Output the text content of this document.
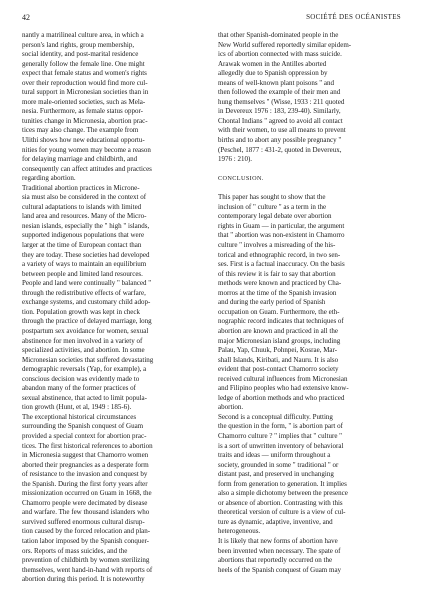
42	SOCIÉTÉ DES OCÉANISTES
nantly a matrilineal culture area, in which a
person's land rights, group membership,
social identity, and post-marital residence
generally follow the female line. One might
expect that female status and women's rights
over their reproduction would find more cul-
tural support in Micronesian societies than in
more male-oriented societies, such as Mela-
nesia. Furthermore, as female status oppor-
tunities change in Micronesia, abortion prac-
tices may also change. The example from
Ulithi shows how new educational opportu-
nities for young women may become a reason
for delaying marriage and childbirth, and
consequently can affect attitudes and practices
regarding abortion.
Traditional abortion practices in Microne-
sia must also be considered in the context of
cultural adaptations to islands with limited
land area and resources. Many of the Micro-
nesian islands, especially the " high " islands,
supported indigenous populations that were
larger at the time of European contact than
they are today. These societies had developed
a variety of ways to maintain an equilibrium
between people and limited land resources.
People and land were continually " balanced "
through the redistributive effects of warfare,
exchange systems, and customary child adop-
tion. Population growth was kept in check
through the practice of delayed marriage, long
postpartum sex avoidance for women, sexual
abstinence for men involved in a variety of
specialized activities, and abortion. In some
Micronesian societies that suffered devastating
demographic reversals (Yap, for example), a
conscious decision was evidently made to
abandon many of the former practices of
sexual abstinence, that acted to limit popula-
tion growth (Hunt, et al, 1949 : 185-6).
The exceptional historical circumstances
surrounding the Spanish conquest of Guam
provided a special context for abortion prac-
tices. The first historical references to abortion
in Micronesia suggest that Chamorro women
aborted their pregnancies as a desperate form
of resistance to the invasion and conquest by
the Spanish. During the first forty years after
missionization occurred on Guam in 1668, the
Chamorro people were decimated by disease
and warfare. The few thousand islanders who
survived suffered enormous cultural disrup-
tion caused by the forced relocation and plan-
tation labor imposed by the Spanish conquer-
ors. Reports of mass suicides, and the
prevention of childbirth by women sterilizing
themselves, went hand-in-hand with reports of
abortion during this period. It is noteworthy
that other Spanish-dominated people in the
New World suffered reportedly similar epidem-
ics of abortion connected with mass suicide.
Arawak women in the Antilles aborted
allegedly due to Spanish oppression by
means of well-known plant poisons " and
then followed the example of their men and
hung themselves " (Wisse, 1933 : 211 quoted
in Devereux 1976 : 183, 239-40). Similarly,
Chontal Indians " agreed to avoid all contact
with their women, to use all means to prevent
births and to abort any possible pregnancy "
(Peschel, 1877 : 431-2, quoted in Devereux,
1976 : 210).
CONCLUSION.
This paper has sought to show that the
inclusion of " culture " as a term in the
contemporary legal debate over abortion
rights in Guam — in particular, the argument
that " abortion was non-existent in Chamorro
culture " involves a misreading of the his-
torical and ethnographic record, in two sen-
ses. First is a factual inaccuracy. On the basis
of this review it is fair to say that abortion
methods were known and practiced by Cha-
morros at the time of the Spanish invasion
and during the early period of Spanish
occupation on Guam. Furthermore, the eth-
nographic record indicates that techniques of
abortion are known and practiced in all the
major Micronesian island groups, including
Palau, Yap, Chuuk, Pohnpei, Kosrae, Mar-
shall Islands, Kiribati, and Nauru. It is also
evident that post-contact Chamorro society
received cultural influences from Micronesian
and Filipino peoples who had extensive know-
ledge of abortion methods and who practiced
abortion.
Second is a conceptual difficulty. Putting
the question in the form, " is abortion part of
Chamorro culture ? " implies that " culture "
is a sort of unwritten inventory of behavioral
traits and ideas — uniform throughout a
society, grounded in some " traditional " or
distant past, and preserved in unchanging
form from generation to generation. It implies
also a simple dichotomy between the presence
or absence of abortion. Contrasting with this
theoretical version of culture is a view of cul-
ture as dynamic, adaptive, inventive, and
heterogeneous.
It is likely that new forms of abortion have
been invented when necessary. The spate of
abortions that reportedly occurred on the
heels of the Spanish conquest of Guam may
